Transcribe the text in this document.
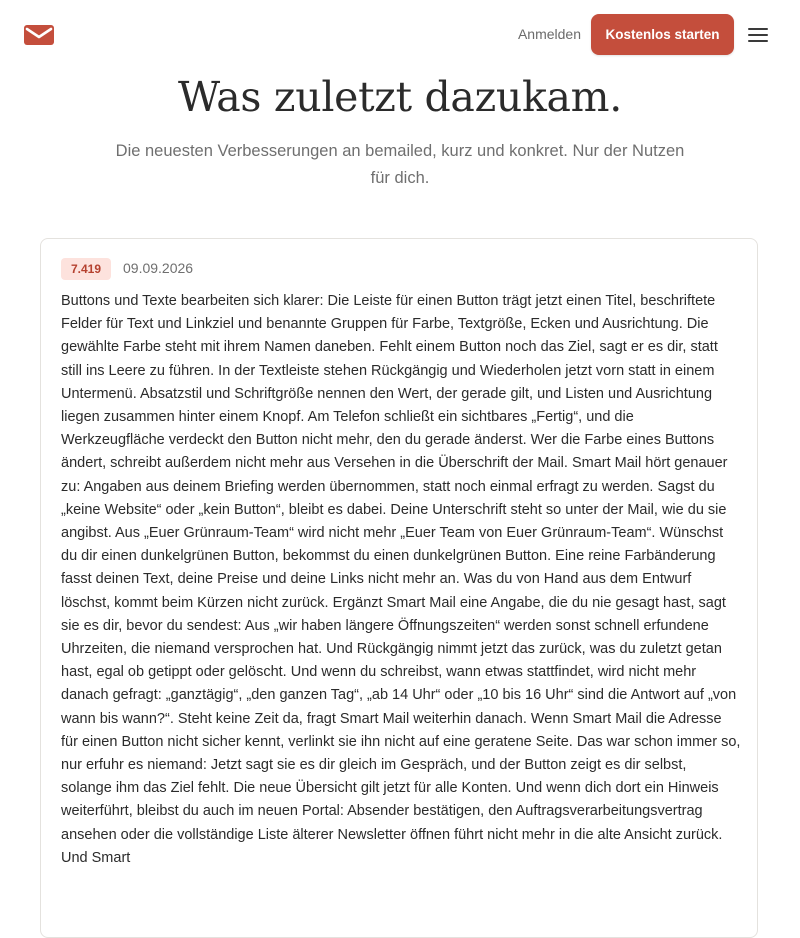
Anmelden	Kostenlos starten
Was zuletzt dazukam.

Die neuesten Verbesserungen an bemailed, kurz und konkret. Nur der Nutzen für dich.

7.419	09.09.2026

Buttons und Texte bearbeiten sich klarer: Die Leiste für einen Button trägt jetzt einen Titel, beschriftete Felder für Text und Linkziel und benannte Gruppen für Farbe, Textgröße, Ecken und Ausrichtung. Die gewählte Farbe steht mit ihrem Namen daneben. Fehlt einem Button noch das Ziel, sagt er es dir, statt still ins Leere zu führen. In der Textleiste stehen Rückgängig und Wiederholen jetzt vorn statt in einem Untermenü. Absatzstil und Schriftgröße nennen den Wert, der gerade gilt, und Listen und Ausrichtung liegen zusammen hinter einem Knopf. Am Telefon schließt ein sichtbares „Fertig“, und die Werkzeugfläche verdeckt den Button nicht mehr, den du gerade änderst. Wer die Farbe eines Buttons ändert, schreibt außerdem nicht mehr aus Versehen in die Überschrift der Mail. Smart Mail hört genauer zu: Angaben aus deinem Briefing werden übernommen, statt noch einmal erfragt zu werden. Sagst du „keine Website“ oder „kein Button“, bleibt es dabei. Deine Unterschrift steht so unter der Mail, wie du sie angibst. Aus „Euer Grünraum-Team“ wird nicht mehr „Euer Team von Euer Grünraum-Team“. Wünschst du dir einen dunkelgrünen Button, bekommst du einen dunkelgrünen Button. Eine reine Farbänderung fasst deinen Text, deine Preise und deine Links nicht mehr an. Was du von Hand aus dem Entwurf löschst, kommt beim Kürzen nicht zurück. Ergänzt Smart Mail eine Angabe, die du nie gesagt hast, sagt sie es dir, bevor du sendest: Aus „wir haben längere Öffnungszeiten“ werden sonst schnell erfundene Uhrzeiten, die niemand versprochen hat. Und Rückgängig nimmt jetzt das zurück, was du zuletzt getan hast, egal ob getippt oder gelöscht. Und wenn du schreibst, wann etwas stattfindet, wird nicht mehr danach gefragt: „ganztägig“, „den ganzen Tag“, „ab 14 Uhr“ oder „10 bis 16 Uhr“ sind die Antwort auf „von wann bis wann?“. Steht keine Zeit da, fragt Smart Mail weiterhin danach. Wenn Smart Mail die Adresse für einen Button nicht sicher kennt, verlinkt sie ihn nicht auf eine geratene Seite. Das war schon immer so, nur erfuhr es niemand: Jetzt sagt sie es dir gleich im Gespräch, und der Button zeigt es dir selbst, solange ihm das Ziel fehlt. Die neue Übersicht gilt jetzt für alle Konten. Und wenn dich dort ein Hinweis weiterführt, bleibst du auch im neuen Portal: Absender bestätigen, den Auftragsverarbeitungsvertrag ansehen oder die vollständige Liste älterer Newsletter öffnen führt nicht mehr in die alte Ansicht zurück. Und Smart
